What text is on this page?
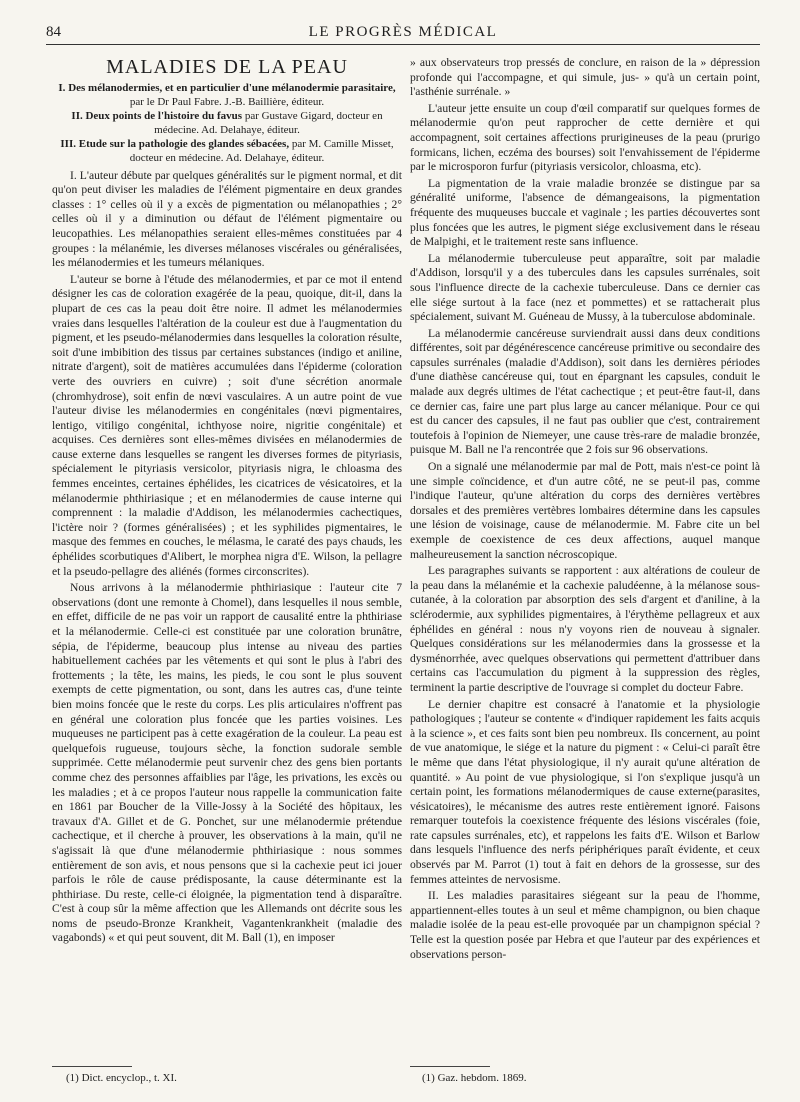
84	LE PROGRÈS MÉDICAL
MALADIES DE LA PEAU
I. Des mélanodermies, et en particulier d'une mélanodermie parasitaire, par le Dr Paul Fabre. J.-B. Baillière, éditeur.
II. Deux points de l'histoire du favus par Gustave Gigard, docteur en médecine. Ad. Delahaye, éditeur.
III. Etude sur la pathologie des glandes sébacées, par M. Camille Misset, docteur en médecine. Ad. Delahaye, éditeur.

I. L'auteur débute par quelques généralités sur le pigment normal, et dit qu'on peut diviser les maladies de l'élément pigmentaire en deux grandes classes : 1° celles où il y a excès de pigmentation ou mélanopathies ; 2° celles où il y a diminution ou défaut de l'élément pigmentaire ou leucopathies. Les mélanopathies seraient elles-mêmes constituées par 4 groupes : la mélanémie, les diverses mélanoses viscérales ou généralisées, les mélanodermies et les tumeurs mélaniques.

L'auteur se borne à l'étude des mélanodermies, et par ce mot il entend désigner les cas de coloration exagérée de la peau, quoique, dit-il, dans la plupart de ces cas la peau doit être noire. Il admet les mélanodermies vraies dans lesquelles l'altération de la couleur est due à l'augmentation du pigment, et les pseudo-mélanodermies dans lesquelles la coloration résulte, soit d'une imbibition des tissus par certaines substances (indigo et aniline, nitrate d'argent), soit de matières accumulées dans l'épiderme (coloration verte des ouvriers en cuivre) ; soit d'une sécrétion anormale (chromhydrose), soit enfin de nœvi vasculaires. A un autre point de vue l'auteur divise les mélanodermies en congénitales (nœvi pigmentaires, lentigo, vitiligo congénital, ichthyose noire, nigritie congénitale) et acquises. Ces dernières sont elles-mêmes divisées en mélanodermies de cause externe dans lesquelles se rangent les diverses formes de pityriasis, spécialement le pityriasis versicolor, pityriasis nigra, le chloasma des femmes enceintes, certaines éphélides, les cicatrices de vésicatoires, et la mélanodermie phthiriasique ; et en mélanodermies de cause interne qui comprennent : la maladie d'Addison, les mélanodermies cachectiques, l'ictère noir ? (formes généralisées) ; et les syphilides pigmentaires, le masque des femmes en couches, le mélasma, le caraté des pays chauds, les éphélides scorbutiques d'Alibert, le morphea nigra d'E. Wilson, la pellagre et la pseudo-pellagre des aliénés (formes circonscrites).

Nous arrivons à la mélanodermie phthiriasique : l'auteur cite 7 observations (dont une remonte à Chomel), dans lesquelles il nous semble, en effet, difficile de ne pas voir un rapport de causalité entre la phthiriase et la mélanodermie. Celle-ci est constituée par une coloration brunâtre, sépia, de l'épiderme, beaucoup plus intense au niveau des parties habituellement cachées par les vêtements et qui sont le plus à l'abri des frottements ; la tête, les mains, les pieds, le cou sont le plus souvent exempts de cette pigmentation, ou sont, dans les autres cas, d'une teinte bien moins foncée que le reste du corps. Les plis articulaires n'offrent pas en général une coloration plus foncée que les parties voisines. Les muqueuses ne participent pas à cette exagération de la couleur. La peau est quelquefois rugueuse, toujours sèche, la fonction sudorale semble supprimée. Cette mélanodermie peut survenir chez des gens bien portants comme chez des personnes affaiblies par l'âge, les privations, les excès ou les maladies ; et à ce propos l'auteur nous rappelle la communication faite en 1861 par Boucher de la Ville-Jossy à la Société des hôpitaux, les travaux d'A. Gillet et de G. Ponchet, sur une mélanodermie prétendue cachectique, et il cherche à prouver, les observations à la main, qu'il ne s'agissait là que d'une mélanodermie phthiriasique : nous sommes entièrement de son avis, et nous pensons que si la cachexie peut ici jouer parfois le rôle de cause prédisposante, la cause déterminante est la phthiriase. Du reste, celle-ci éloignée, la pigmentation tend à disparaître. C'est à coup sûr la même affection que les Allemands ont décrite sous les noms de pseudo-Bronze Krankheit, Vagantenkrankheit (maladie des vagabonds) « et qui peut souvent, dit M. Ball (1), en imposer

» aux observateurs trop pressés de conclure, en raison de la » dépression profonde qui l'accompagne, et qui simule, jus- » qu'à un certain point, l'asthénie surrénale. »

L'auteur jette ensuite un coup d'œil comparatif sur quelques formes de mélanodermie qu'on peut rapprocher de cette dernière et qui accompagnent, soit certaines affections prurigineuses de la peau (prurigo formicans, lichen, eczéma des bourses) soit l'envahissement de l'épiderme par le microsporon furfur (pityriasis versicolor, chloasma, etc).

La pigmentation de la vraie maladie bronzée se distingue par sa généralité uniforme, l'absence de démangeaisons, la pigmentation fréquente des muqueuses buccale et vaginale ; les parties découvertes sont plus foncées que les autres, le pigment siége exclusivement dans le réseau de Malpighi, et le traitement reste sans influence.

La mélanodermie tuberculeuse peut apparaître, soit par maladie d'Addison, lorsqu'il y a des tubercules dans les capsules surrénales, soit sous l'influence directe de la cachexie tuberculeuse. Dans ce dernier cas elle siége surtout à la face (nez et pommettes) et se rattacherait plus spécialement, suivant M. Guéneau de Mussy, à la tuberculose abdominale.

La mélanodermie cancéreuse surviendrait aussi dans deux conditions différentes, soit par dégénérescence cancéreuse primitive ou secondaire des capsules surrénales (maladie d'Addison), soit dans les dernières périodes d'une diathèse cancéreuse qui, tout en épargnant les capsules, conduit le malade aux degrés ultimes de l'état cachectique ; et peut-être faut-il, dans ce dernier cas, faire une part plus large au cancer mélanique. Pour ce qui est du cancer des capsules, il ne faut pas oublier que c'est, contrairement toutefois à l'opinion de Niemeyer, une cause très-rare de maladie bronzée, puisque M. Ball ne l'a rencontrée que 2 fois sur 96 observations.

On a signalé une mélanodermie par mal de Pott, mais n'est-ce point là une simple coïncidence, et d'un autre côté, ne se peut-il pas, comme l'indique l'auteur, qu'une altération du corps des dernières vertèbres dorsales et des premières vertèbres lombaires détermine dans les capsules une lésion de voisinage, cause de mélanodermie. M. Fabre cite un bel exemple de coexistence de ces deux affections, auquel manque malheureusement la sanction nécroscopique.

Les paragraphes suivants se rapportent : aux altérations de couleur de la peau dans la mélanémie et la cachexie paludéenne, à la mélanose sous-cutanée, à la coloration par absorption des sels d'argent et d'aniline, à la sclérodermie, aux syphilides pigmentaires, à l'érythème pellagreux et aux éphélides en général : nous n'y voyons rien de nouveau à signaler. Quelques considérations sur les mélanodermies dans la grossesse et la dysménorrhée, avec quelques observations qui permettent d'attribuer dans certains cas l'accumulation du pigment à la suppression des règles, terminent la partie descriptive de l'ouvrage si complet du docteur Fabre.

Le dernier chapitre est consacré à l'anatomie et la physiologie pathologiques ; l'auteur se contente « d'indiquer rapidement les faits acquis à la science », et ces faits sont bien peu nombreux. Ils concernent, au point de vue anatomique, le siége et la nature du pigment : « Celui-ci paraît être le même que dans l'état physiologique, il n'y aurait qu'une altération de quantité. » Au point de vue physiologique, si l'on s'explique jusqu'à un certain point, les formations mélanodermiques de cause externe(parasites, vésicatoires), le mécanisme des autres reste entièrement ignoré. Faisons remarquer toutefois la coexistence fréquente des lésions viscérales (foie, rate capsules surrénales, etc), et rappelons les faits d'E. Wilson et Barlow dans lesquels l'influence des nerfs périphériques paraît évidente, et ceux observés par M. Parrot (1) tout à fait en dehors de la grossesse, sur des femmes atteintes de nervosisme.

II. Les maladies parasitaires siégeant sur la peau de l'homme, appartiennent-elles toutes à un seul et même champignon, ou bien chaque maladie isolée de la peau est-elle provoquée par un champignon spécial ? Telle est la question posée par Hebra et que l'auteur par des expériences et observations person-

(1) Dict. encyclop., t. XI.	(1) Gaz. hebdom. 1869.
